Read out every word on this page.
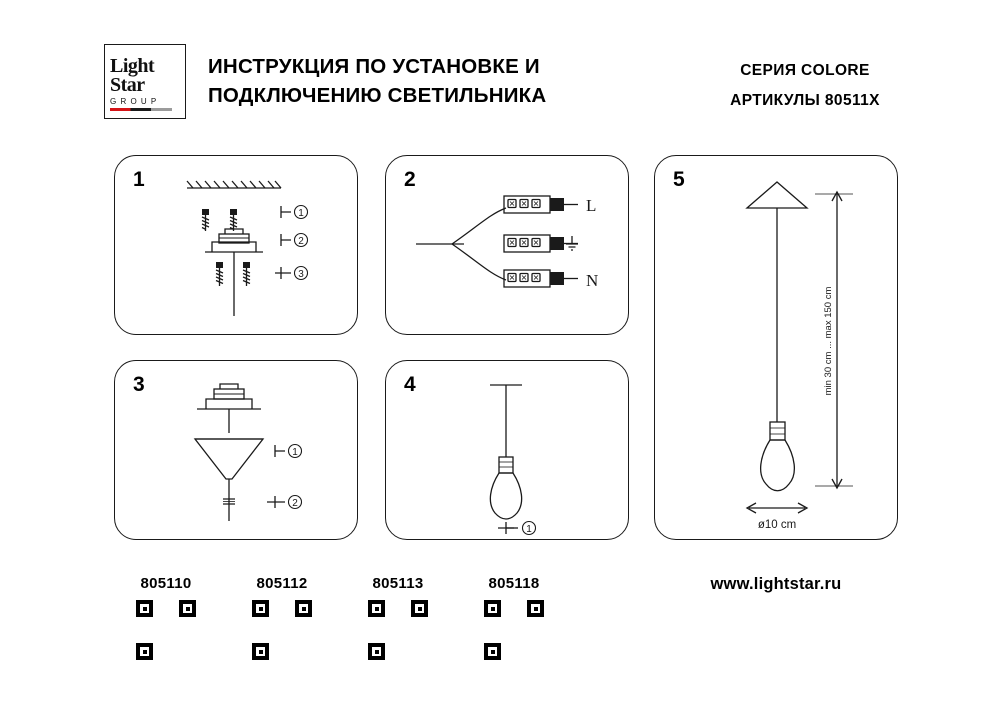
Light
Star
G R O U P
ИНСТРУКЦИЯ ПО УСТАНОВКЕ И ПОДКЛЮЧЕНИЮ СВЕТИЛЬНИКА
СЕРИЯ COLORE
АРТИКУЛЫ 80511X
1
1
2
3
2
L
N
3
1
2
4
1
5
min 30 cm ... max 150 cm
ø10 cm
805110	805112	805113	805118	www.lightstar.ru
